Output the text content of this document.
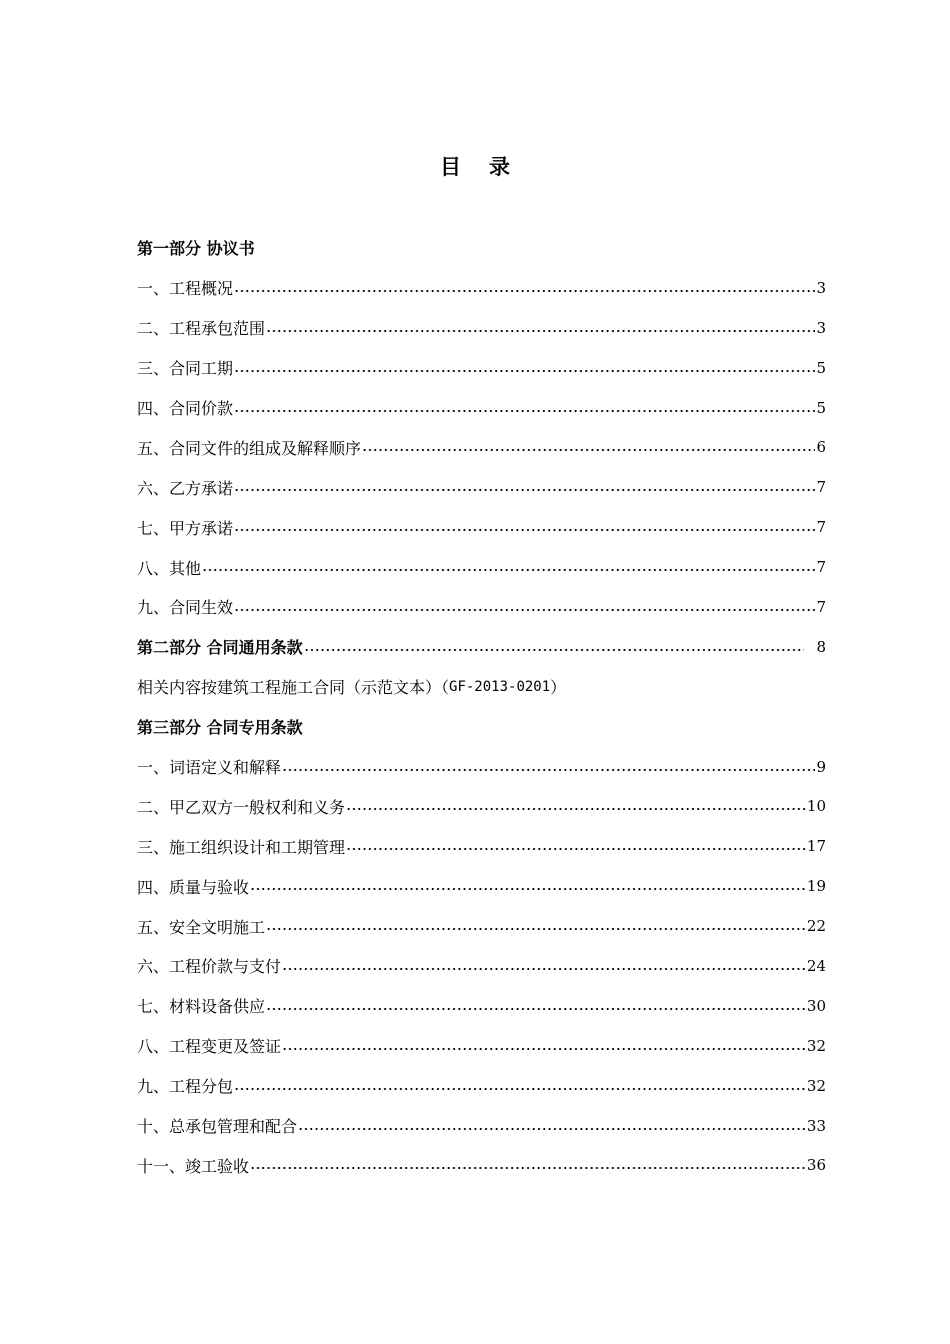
目录
第一部分 协议书
一、工程概况	3
二、工程承包范围	3
三、合同工期	5
四、合同价款	5
五、合同文件的组成及解释顺序	6
六、乙方承诺	7
七、甲方承诺	7
八、其他	7
九、合同生效	7
第二部分 合同通用条款	8
相关内容按建筑工程施工合同（示范文本）（ GF-2013-0201 ）
第三部分 合同专用条款
一、词语定义和解释	9
二、甲乙双方一般权利和义务	10
三、施工组织设计和工期管理	17
四、质量与验收	19
五、安全文明施工	22
六、工程价款与支付	24
七、材料设备供应	30
八、工程变更及签证	32
九、工程分包	32
十、总承包管理和配合	33
十一、竣工验收	36
